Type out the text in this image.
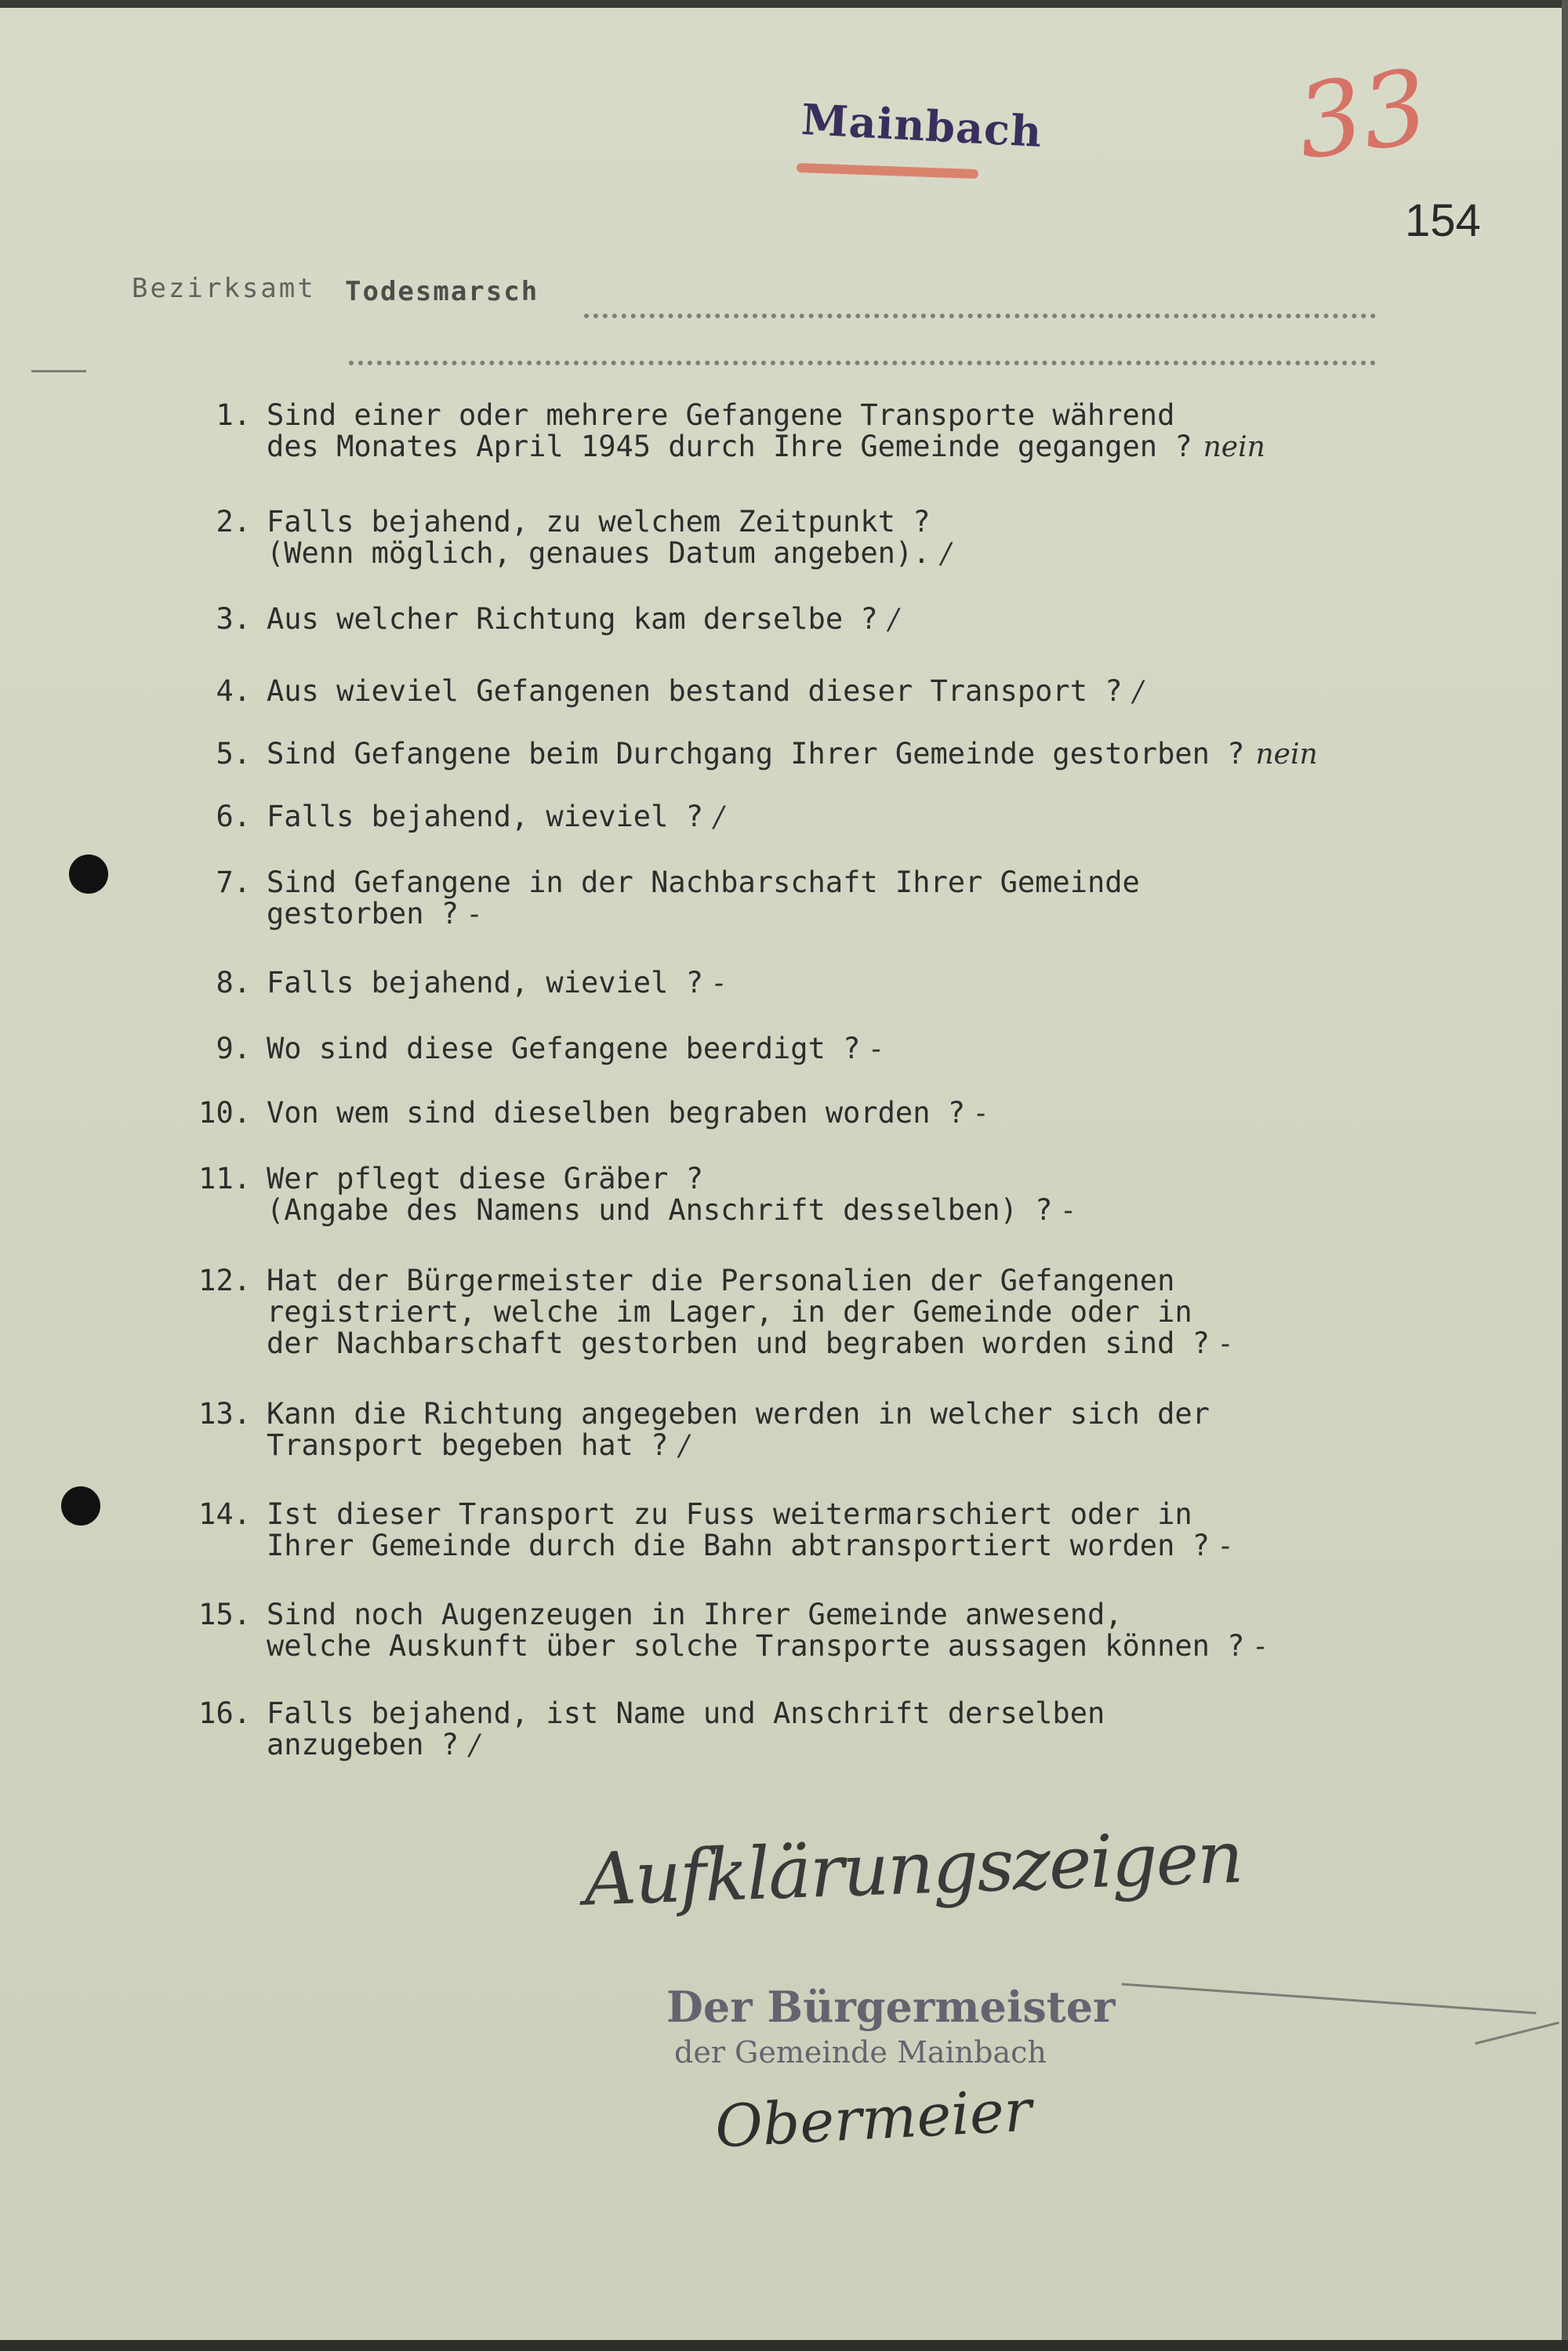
Mainbach 33
154
Bezirksamt Todesmarsch

1.

Sind einer oder mehrere Gefangene Transporte während
des Monates April 1945 durch Ihre Gemeinde gegangen ? nein

2.

Falls bejahend, zu welchem Zeitpunkt ?
(Wenn möglich, genaues Datum angeben). /

3.

Aus welcher Richtung kam derselbe ? /

4.

Aus wieviel Gefangenen bestand dieser Transport ? /

5.

Sind Gefangene beim Durchgang Ihrer Gemeinde gestorben ? nein

6.

Falls bejahend, wieviel ? /

7.

Sind Gefangene in der Nachbarschaft Ihrer Gemeinde
gestorben ? -

8.

Falls bejahend, wieviel ? -

9.

Wo sind diese Gefangene beerdigt ? -

10.

Von wem sind dieselben begraben worden ? -

11.

Wer pflegt diese Gräber ?
(Angabe des Namens und Anschrift desselben) ? -

12.

Hat der Bürgermeister die Personalien der Gefangenen
registriert, welche im Lager, in der Gemeinde oder in
der Nachbarschaft gestorben und begraben worden sind ? -

13.

Kann die Richtung angegeben werden in welcher sich der
Transport begeben hat ? /

14.

Ist dieser Transport zu Fuss weitermarschiert oder in
Ihrer Gemeinde durch die Bahn abtransportiert worden ? -

15.

Sind noch Augenzeugen in Ihrer Gemeinde anwesend,
welche Auskunft über solche Transporte aussagen können ? -

16.

Falls bejahend, ist Name und Anschrift derselben
anzugeben ? /

Aufklärungszeigen
Der Bürgermeister
der Gemeinde Mainbach
Obermeier
